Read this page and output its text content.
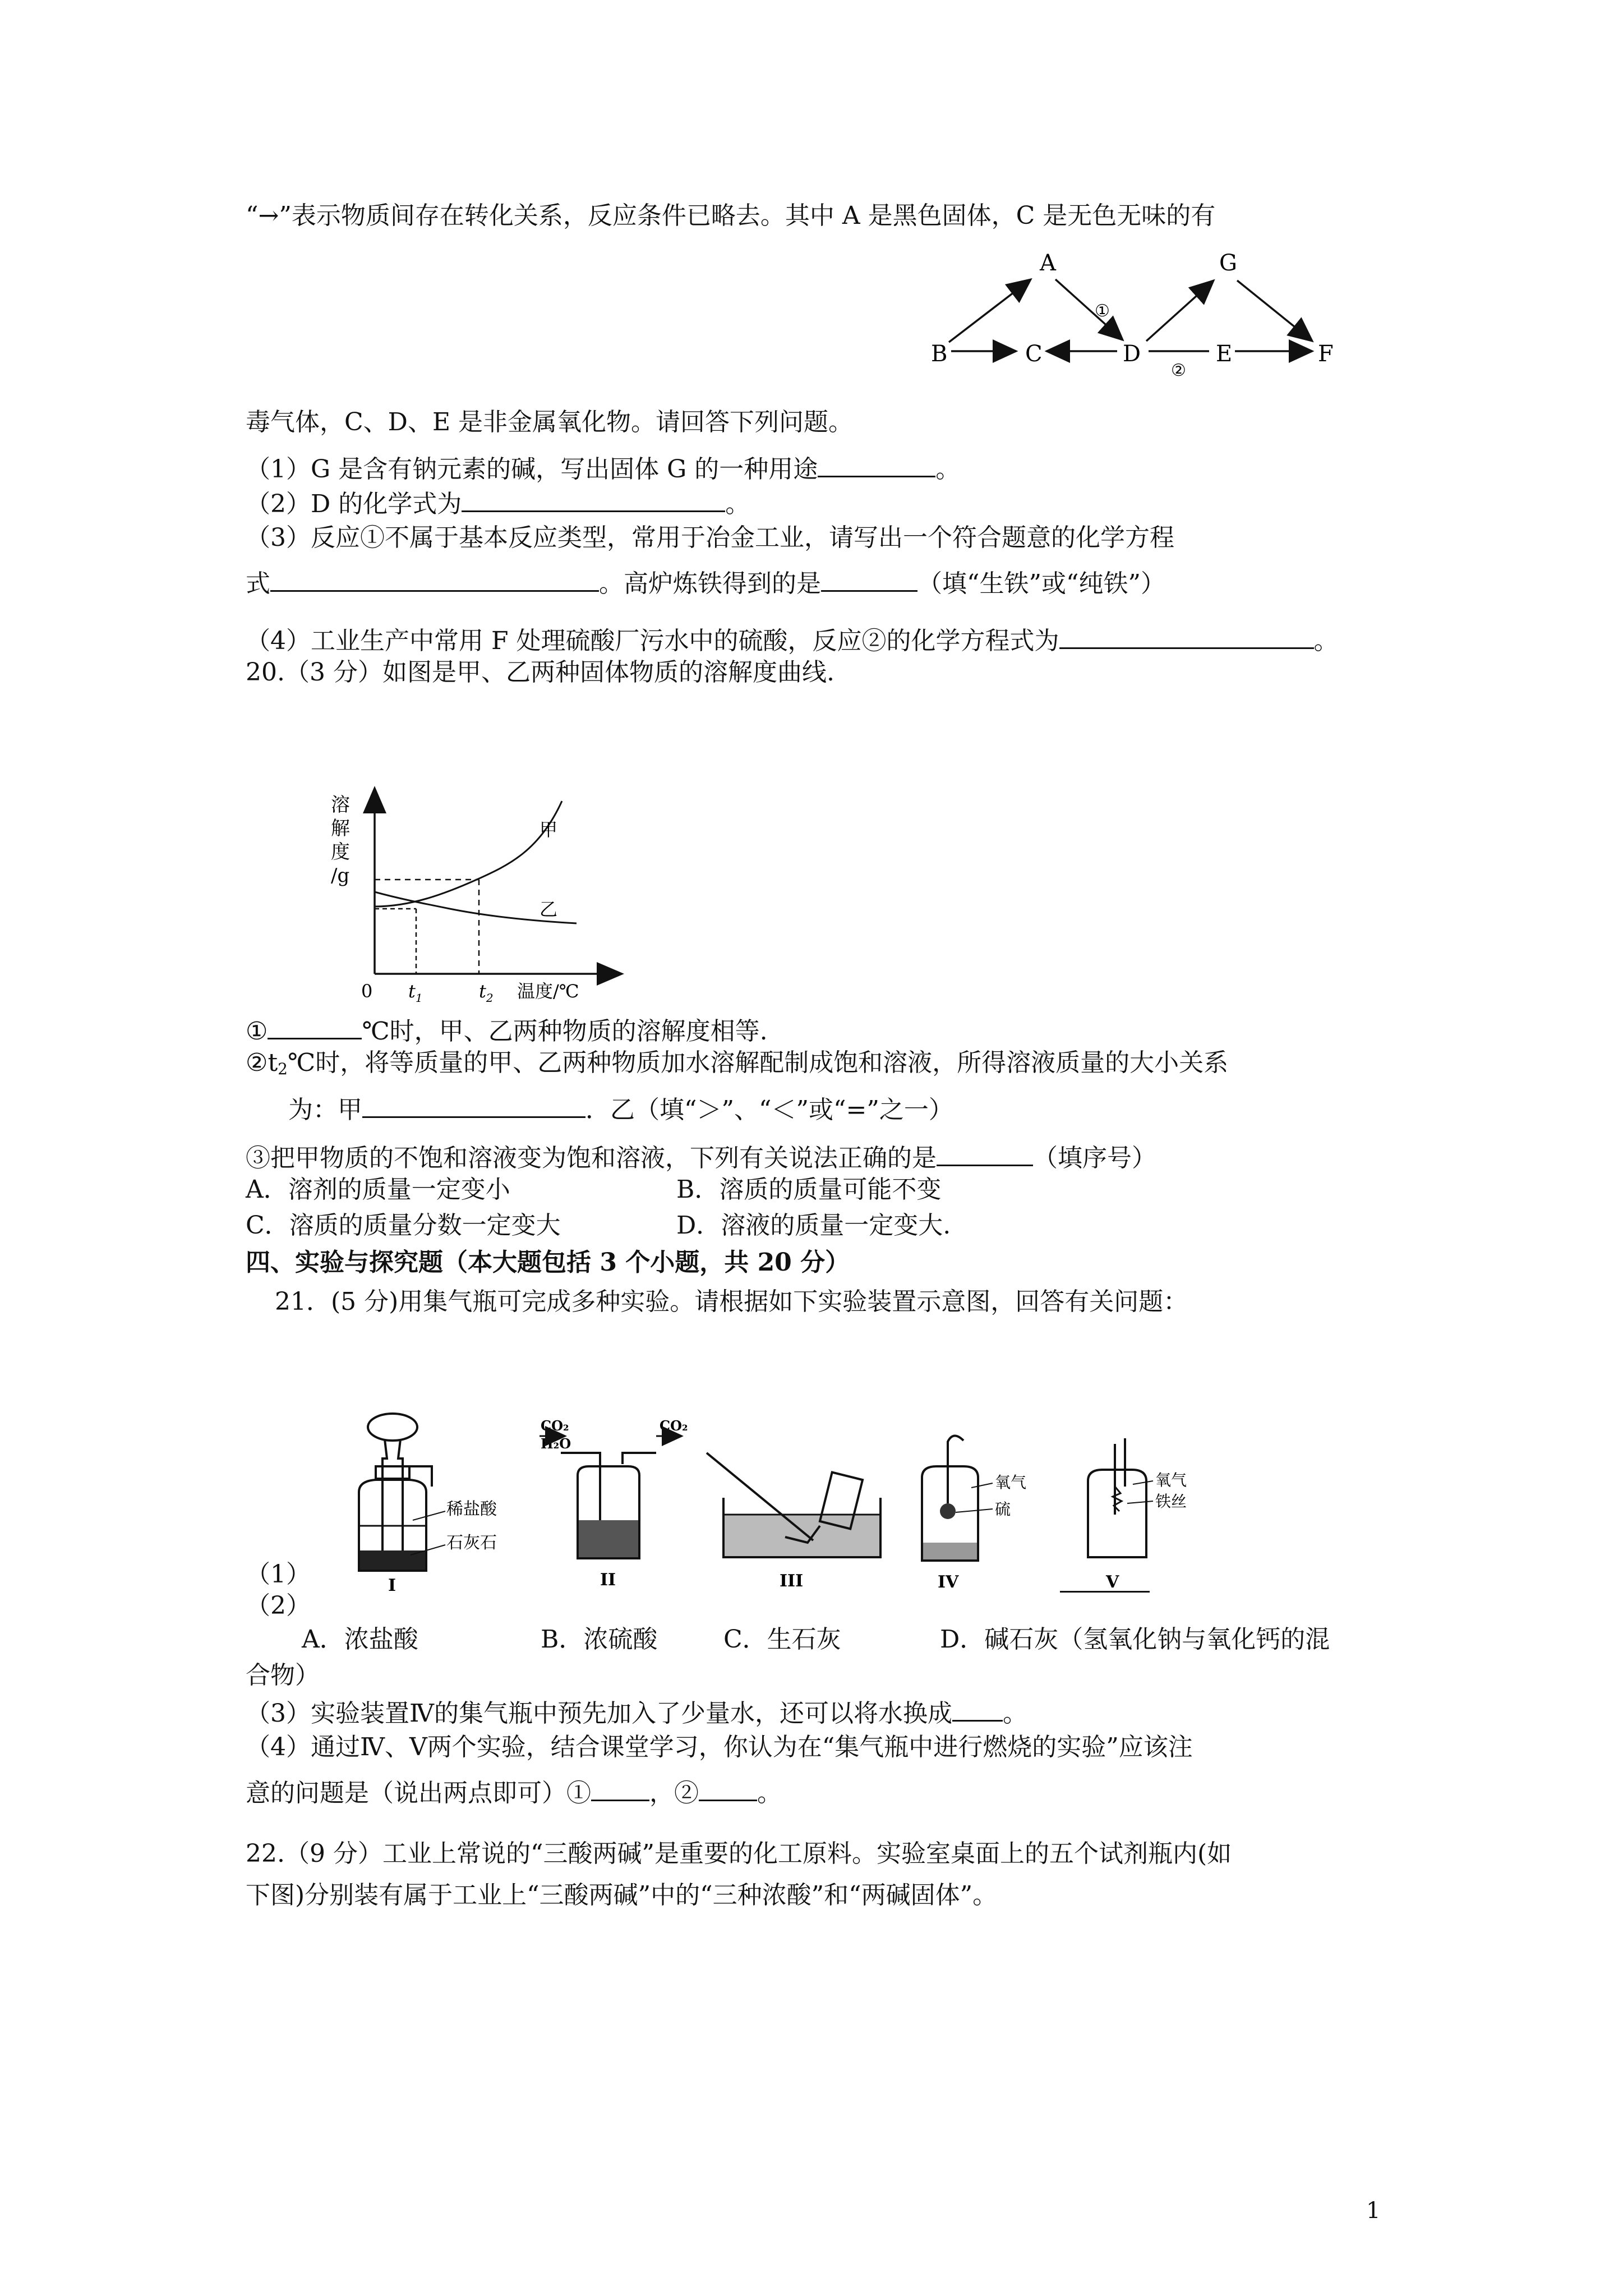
“→”表示物质间存在转化关系，反应条件已略去。其中 A 是黑色固体，C 是无色无味的有
A	G
B	C	D	E	F
①
②
毒气体，C、D、E 是非金属氧化物。请回答下列问题。
（1）G 是含有钠元素的碱，写出固体 G 的一种用途	。
（2）D 的化学式为	。
（3）反应①不属于基本反应类型，常用于冶金工业，请写出一个符合题意的化学方程
式	。高炉炼铁得到的是	（填“生铁”或“纯铁”）
（4）工业生产中常用 F 处理硫酸厂污水中的硫酸，反应②的化学方程式为	。
20.（3 分）如图是甲、乙两种固体物质的溶解度曲线.
溶
解
度
/g
0 $t_1$	$t_2$ 温度/℃
甲
乙
①	℃时，甲、乙两种物质的溶解度相等.
$②t_2℃$时，将等质量的甲、乙两种物质加水溶解配制成饱和溶液，所得溶液质量的大小关系
为：甲	．乙（填“＞”、“＜”或“=”之一）
③把甲物质的不饱和溶液变为饱和溶液，下列有关说法正确的是	（填序号）
A．溶剂的质量一定变小	B．溶质的质量可能不变
C．溶质的质量分数一定变大	D．溶液的质量一定变大.
四、实验与探究题（本大题包括 3 个小题，共 20 分）
21．(5 分)用集气瓶可完成多种实验。请根据如下实验装置示意图，回答有关问题：
稀盐酸
石灰石
I
CO₂
H₂O
CO₂
II	III
氧气
硫
IV
氧气
铁丝
V
（1）
（2）
A．浓盐酸	B．浓硫酸	C．生石灰	D．碱石灰（氢氧化钠与氧化钙的混
合物）
（3）实验装置Ⅳ的集气瓶中预先加入了少量水，还可以将水换成 。
（4）通过Ⅳ、Ⅴ两个实验，结合课堂学习，你认为在“集气瓶中进行燃烧的实验”应该注
意的问题是（说出两点即可）① ，② 。
22.（9 分）工业上常说的“三酸两碱”是重要的化工原料。实验室桌面上的五个试剂瓶内(如
下图)分别装有属于工业上“三酸两碱”中的“三种浓酸”和“两碱固体”。
1
